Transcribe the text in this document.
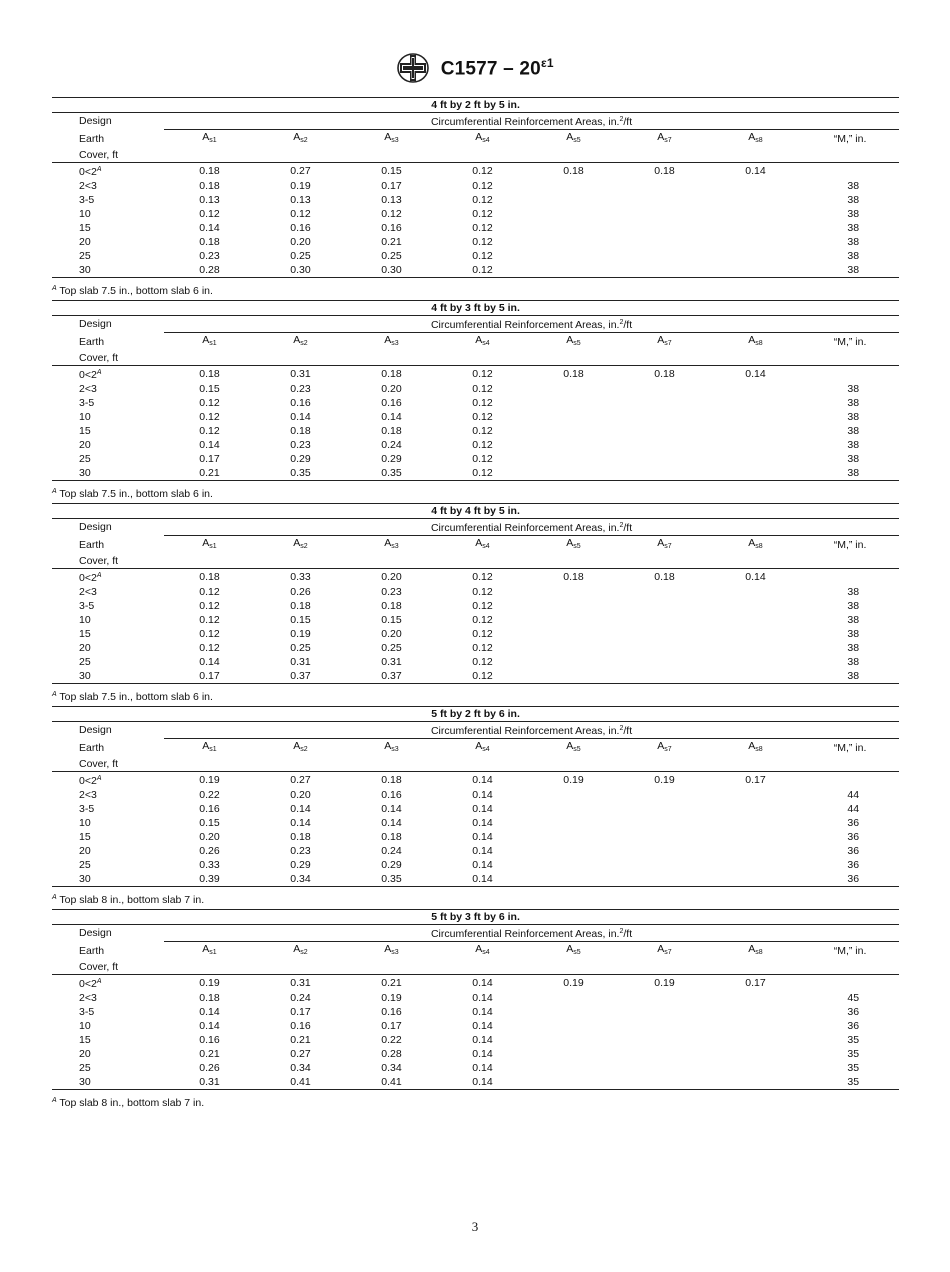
$C1577 - 20^{\varepsilon 1}$
4 ft by 2 ft by 5 in.								
Design	Circumferential Reinforcement Areas, in.$^2$/ft							
Earth	$A_{s1}$	$A_{s2}$	$A_{s3}$	$A_{s4}$	$A_{s5}$	$A_{s7}$	$A_{s8}$	“M,” in.
Cover, ft								
$0<2^A$	0.18	0.27	0.15	0.12	0.18	0.18	0.14	
2<3	0.18	0.19	0.17	0.12				38
3-5	0.13	0.13	0.13	0.12				38
10	0.12	0.12	0.12	0.12				38
15	0.14	0.16	0.16	0.12				38
20	0.18	0.20	0.21	0.12				38
25	0.23	0.25	0.25	0.12				38
30	0.28	0.30	0.30	0.12				38
$^A$ Top slab 7.5 in., bottom slab 6 in.
4 ft by 3 ft by 5 in.								
Design	Circumferential Reinforcement Areas, in.$^2$/ft							
Earth	$A_{s1}$	$A_{s2}$	$A_{s3}$	$A_{s4}$	$A_{s5}$	$A_{s7}$	$A_{s8}$	“M,” in.
Cover, ft								
$0<2^A$	0.18	0.31	0.18	0.12	0.18	0.18	0.14	
2<3	0.15	0.23	0.20	0.12				38
3-5	0.12	0.16	0.16	0.12				38
10	0.12	0.14	0.14	0.12				38
15	0.12	0.18	0.18	0.12				38
20	0.14	0.23	0.24	0.12				38
25	0.17	0.29	0.29	0.12				38
30	0.21	0.35	0.35	0.12				38
$^A$ Top slab 7.5 in., bottom slab 6 in.
4 ft by 4 ft by 5 in.								
Design	Circumferential Reinforcement Areas, in.$^2$/ft							
Earth	$A_{s1}$	$A_{s2}$	$A_{s3}$	$A_{s4}$	$A_{s5}$	$A_{s7}$	$A_{s8}$	“M,” in.
Cover, ft								
$0<2^A$	0.18	0.33	0.20	0.12	0.18	0.18	0.14	
2<3	0.12	0.26	0.23	0.12				38
3-5	0.12	0.18	0.18	0.12				38
10	0.12	0.15	0.15	0.12				38
15	0.12	0.19	0.20	0.12				38
20	0.12	0.25	0.25	0.12				38
25	0.14	0.31	0.31	0.12				38
30	0.17	0.37	0.37	0.12				38
$^A$ Top slab 7.5 in., bottom slab 6 in.
5 ft by 2 ft by 6 in.								
Design	Circumferential Reinforcement Areas, in.$^2$/ft							
Earth	$A_{s1}$	$A_{s2}$	$A_{s3}$	$A_{s4}$	$A_{s5}$	$A_{s7}$	$A_{s8}$	“M,” in.
Cover, ft								
$0<2^A$	0.19	0.27	0.18	0.14	0.19	0.19	0.17	
2<3	0.22	0.20	0.16	0.14				44
3-5	0.16	0.14	0.14	0.14				44
10	0.15	0.14	0.14	0.14				36
15	0.20	0.18	0.18	0.14				36
20	0.26	0.23	0.24	0.14				36
25	0.33	0.29	0.29	0.14				36
30	0.39	0.34	0.35	0.14				36
$^A$ Top slab 8 in., bottom slab 7 in.
5 ft by 3 ft by 6 in.								
Design	Circumferential Reinforcement Areas, in.$^2$/ft							
Earth	$A_{s1}$	$A_{s2}$	$A_{s3}$	$A_{s4}$	$A_{s5}$	$A_{s7}$	$A_{s8}$	“M,” in.
Cover, ft								
$0<2^A$	0.19	0.31	0.21	0.14	0.19	0.19	0.17	
2<3	0.18	0.24	0.19	0.14				45
3-5	0.14	0.17	0.16	0.14				36
10	0.14	0.16	0.17	0.14				36
15	0.16	0.21	0.22	0.14				35
20	0.21	0.27	0.28	0.14				35
25	0.26	0.34	0.34	0.14				35
30	0.31	0.41	0.41	0.14				35
$^A$ Top slab 8 in., bottom slab 7 in.
3
